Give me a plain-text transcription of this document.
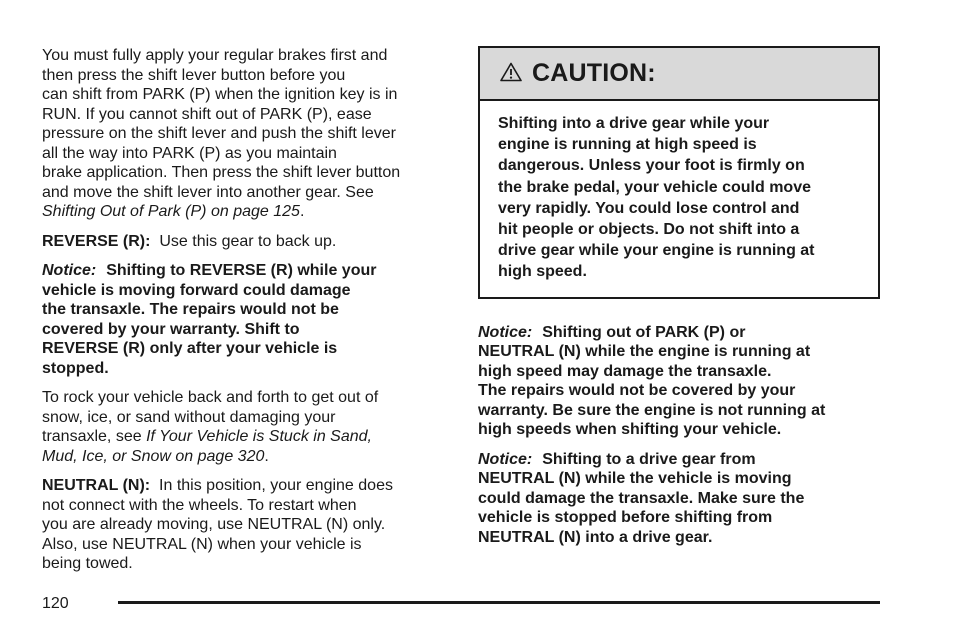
You must fully apply your regular brakes first and
then press the shift lever button before you
can shift from PARK (P) when the ignition key is in
RUN. If you cannot shift out of PARK (P), ease
pressure on the shift lever and push the shift lever
all the way into PARK (P) as you maintain
brake application. Then press the shift lever button
and move the shift lever into another gear. See
Shifting Out of Park (P) on page 125.

REVERSE (R): Use this gear to back up.

Notice: Shifting to REVERSE (R) while your
vehicle is moving forward could damage
the transaxle. The repairs would not be
covered by your warranty. Shift to
REVERSE (R) only after your vehicle is
stopped.

To rock your vehicle back and forth to get out of
snow, ice, or sand without damaging your
transaxle, see If Your Vehicle is Stuck in Sand,
Mud, Ice, or Snow on page 320.

NEUTRAL (N): In this position, your engine does
not connect with the wheels. To restart when
you are already moving, use NEUTRAL (N) only.
Also, use NEUTRAL (N) when your vehicle is
being towed.

CAUTION:
Shifting into a drive gear while your
engine is running at high speed is
dangerous. Unless your foot is firmly on
the brake pedal, your vehicle could move
very rapidly. You could lose control and
hit people or objects. Do not shift into a
drive gear while your engine is running at
high speed.

Notice: Shifting out of PARK (P) or
NEUTRAL (N) while the engine is running at
high speed may damage the transaxle.
The repairs would not be covered by your
warranty. Be sure the engine is not running at
high speeds when shifting your vehicle.

Notice: Shifting to a drive gear from
NEUTRAL (N) while the vehicle is moving
could damage the transaxle. Make sure the
vehicle is stopped before shifting from
NEUTRAL (N) into a drive gear.

120
